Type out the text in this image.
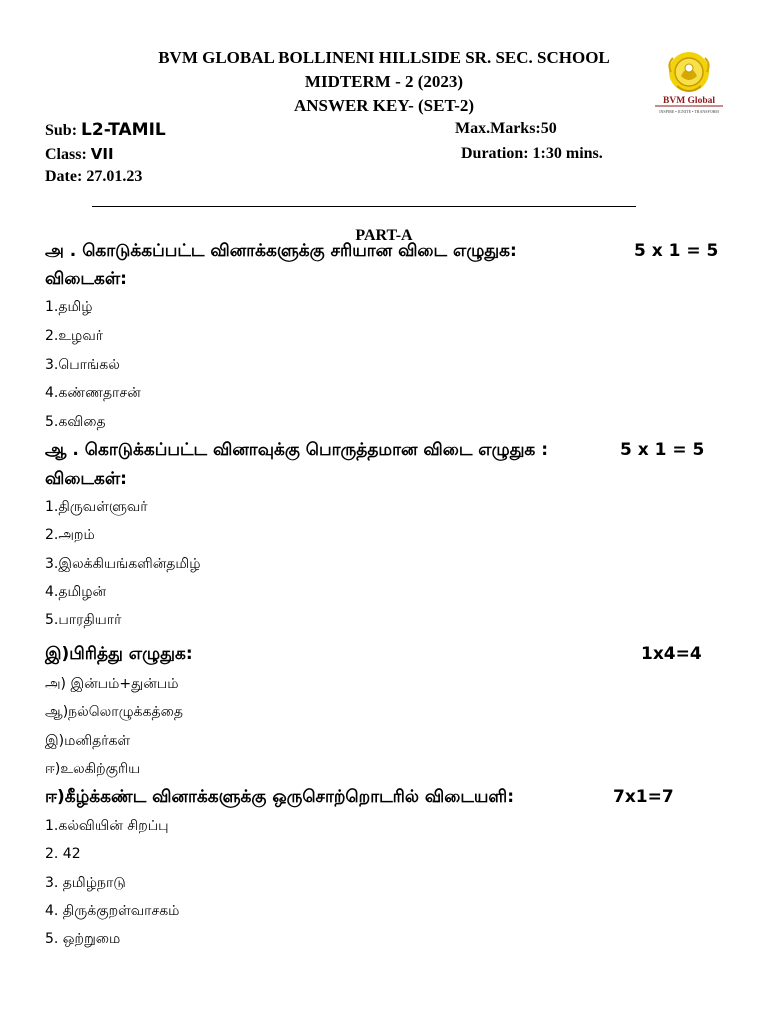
BVM GLOBAL BOLLINENI HILLSIDE SR. SEC. SCHOOL
MIDTERM - 2 (2023)
ANSWER KEY- (SET-2)	BVM Global
INSPIRE • IGNITE • TRANSFORM
Sub: L2-TAMIL	Max.Marks:50
Class: VII	Duration: 1:30 mins.
Date: 27.01.23
PART-A
அ . கொடுக்கப்பட்ட வினாக்களுக்கு சரியான விடை எழுதுக:	5 x 1 = 5
விடைகள்:
1.தமிழ்
2.உழவர்
3.பொங்கல்
4.கண்ணதாசன்
5.கவிதை
ஆ . கொடுக்கப்பட்ட வினாவுக்கு பொருத்தமான விடை எழுதுக :	5 x 1 = 5
விடைகள்:
1.திருவள்ளுவர்
2.அறம்
3.இலக்கியங்களின்தமிழ்
4.தமிழன்
5.பாரதியார்
இ)பிரித்து எழுதுக:	1x4=4
அ) இன்பம்+துன்பம்
ஆ)நல்லொழுக்கத்தை
இ)மனிதர்கள்
ஈ)உலகிற்குரிய
ஈ)கீழ்க்கண்ட வினாக்களுக்கு ஒருசொற்றொடரில் விடையளி:	7x1=7
1.கல்வியின் சிறப்பு
2. 42
3. தமிழ்நாடு
4. திருக்குறள்வாசகம்
5. ஒற்றுமை
